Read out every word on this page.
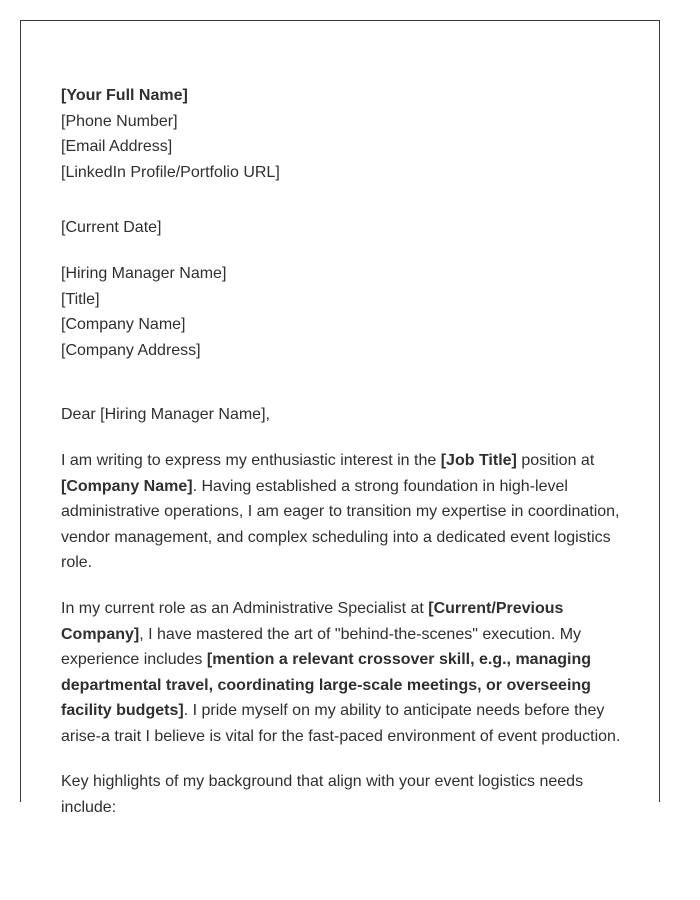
[Your Full Name]
[Phone Number]
[Email Address]
[LinkedIn Profile/Portfolio URL]
[Current Date]
[Hiring Manager Name]
[Title]
[Company Name]
[Company Address]

Dear [Hiring Manager Name],

I am writing to express my enthusiastic interest in the [Job Title] position at [Company Name]. Having established a strong foundation in high-level administrative operations, I am eager to transition my expertise in coordination, vendor management, and complex scheduling into a dedicated event logistics role.

In my current role as an Administrative Specialist at [Current/Previous Company], I have mastered the art of "behind-the-scenes" execution. My experience includes [mention a relevant crossover skill, e.g., managing departmental travel, coordinating large-scale meetings, or overseeing facility budgets]. I pride myself on my ability to anticipate needs before they arise-a trait I believe is vital for the fast-paced environment of event production.

Key highlights of my background that align with your event logistics needs include:
